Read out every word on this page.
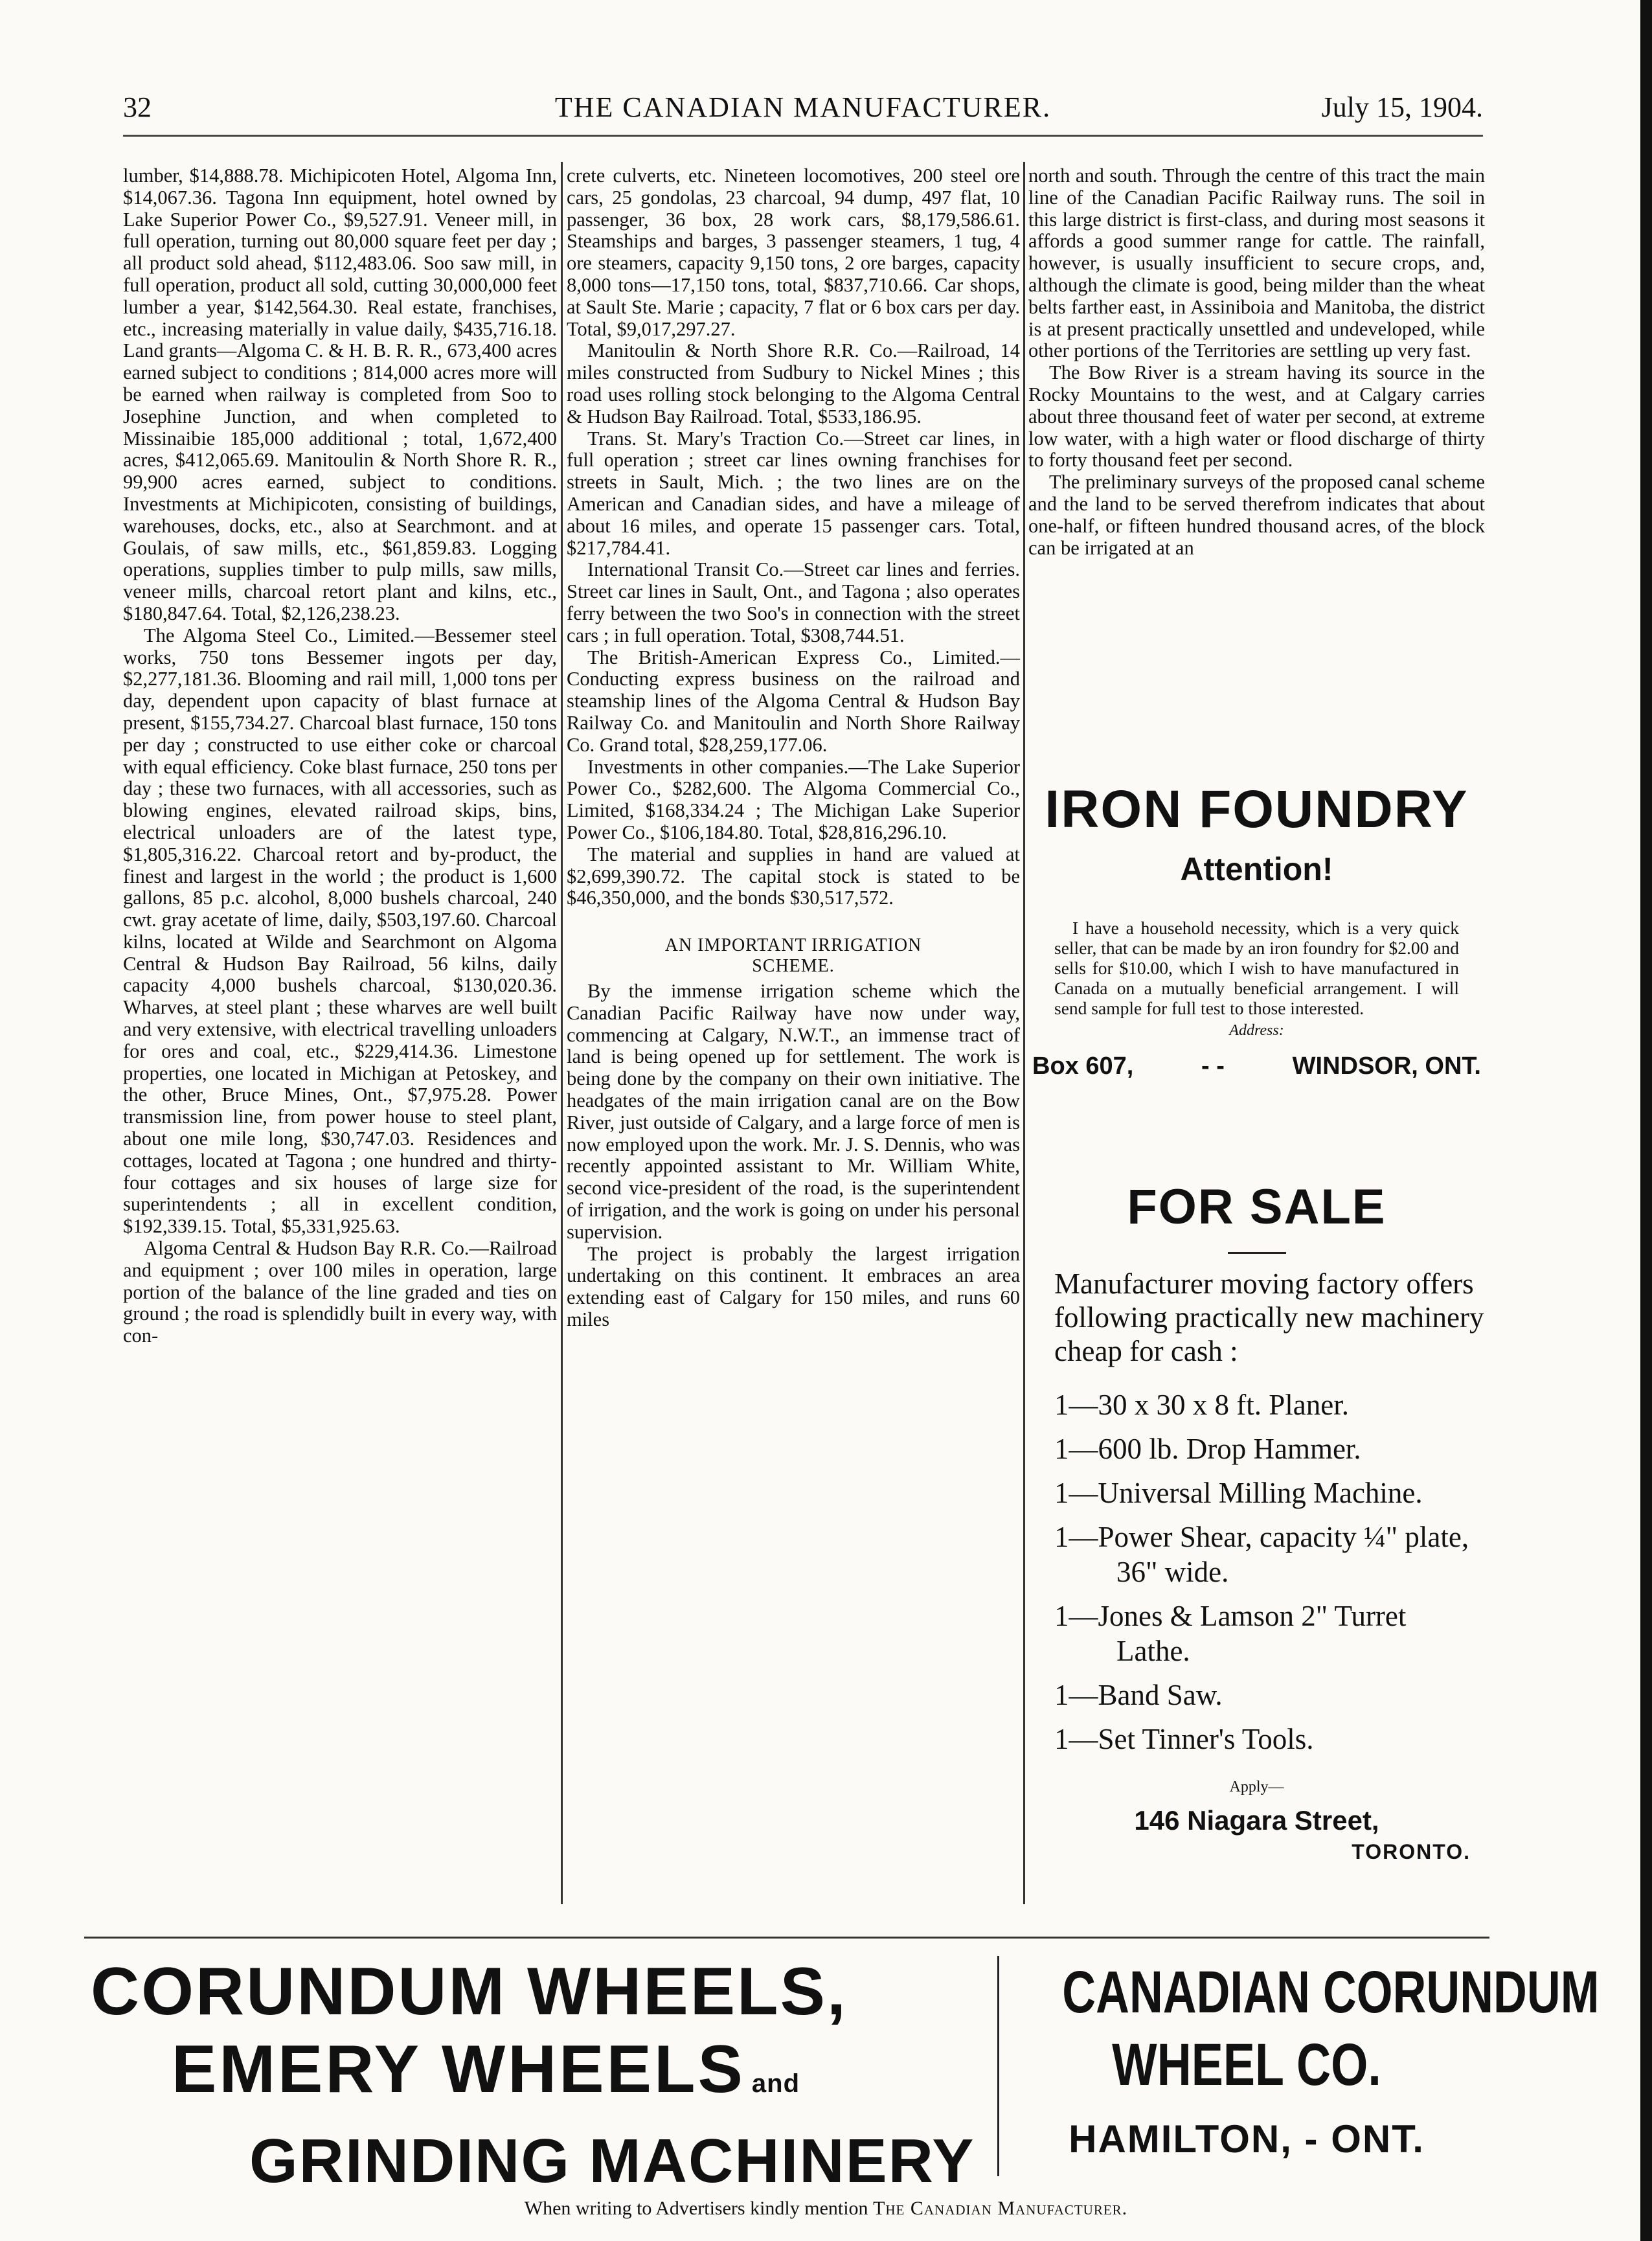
32	THE CANADIAN MANUFACTURER.	July 15, 1904.

lumber, $14,888.78. Michipicoten Hotel, Algoma Inn, $14,067.36. Tagona Inn equipment, hotel owned by Lake Superior Power Co., $9,527.91. Veneer mill, in full operation, turning out 80,000 square feet per day ; all product sold ahead, $112,483.06. Soo saw mill, in full operation, product all sold, cutting 30,000,000 feet lumber a year, $142,564.30. Real estate, franchises, etc., increasing materially in value daily, $435,716.18. Land grants—Algoma C. & H. B. R. R., 673,400 acres earned subject to conditions ; 814,000 acres more will be earned when railway is completed from Soo to Josephine Junction, and when completed to Missinaibie 185,000 additional ; total, 1,672,400 acres, $412,065.69. Manitoulin & North Shore R. R., 99,900 acres earned, subject to conditions. Investments at Michipicoten, consisting of buildings, warehouses, docks, etc., also at Searchmont. and at Goulais, of saw mills, etc., $61,859.83. Logging operations, supplies timber to pulp mills, saw mills, veneer mills, charcoal retort plant and kilns, etc., $180,847.64. Total, $2,126,238.23.

The Algoma Steel Co., Limited.—Bessemer steel works, 750 tons Bessemer ingots per day, $2,277,181.36. Blooming and rail mill, 1,000 tons per day, dependent upon capacity of blast furnace at present, $155,734.27. Charcoal blast furnace, 150 tons per day ; constructed to use either coke or charcoal with equal efficiency. Coke blast furnace, 250 tons per day ; these two furnaces, with all accessories, such as blowing engines, elevated railroad skips, bins, electrical unloaders are of the latest type, $1,805,316.22. Charcoal retort and by-product, the finest and largest in the world ; the product is 1,600 gallons, 85 p.c. alcohol, 8,000 bushels charcoal, 240 cwt. gray acetate of lime, daily, $503,197.60. Charcoal kilns, located at Wilde and Searchmont on Algoma Central & Hudson Bay Railroad, 56 kilns, daily capacity 4,000 bushels charcoal, $130,020.36. Wharves, at steel plant ; these wharves are well built and very extensive, with electrical travelling unloaders for ores and coal, etc., $229,414.36. Limestone properties, one located in Michigan at Petoskey, and the other, Bruce Mines, Ont., $7,975.28. Power transmission line, from power house to steel plant, about one mile long, $30,747.03. Residences and cottages, located at Tagona ; one hundred and thirty-four cottages and six houses of large size for superintendents ; all in excellent condition, $192,339.15. Total, $5,331,925.63.

Algoma Central & Hudson Bay R.R. Co.—Railroad and equipment ; over 100 miles in operation, large portion of the balance of the line graded and ties on ground ; the road is splendidly built in every way, with con-

crete culverts, etc. Nineteen locomotives, 200 steel ore cars, 25 gondolas, 23 charcoal, 94 dump, 497 flat, 10 passenger, 36 box, 28 work cars, $8,179,586.61. Steamships and barges, 3 passenger steamers, 1 tug, 4 ore steamers, capacity 9,150 tons, 2 ore barges, capacity 8,000 tons—17,150 tons, total, $837,710.66. Car shops, at Sault Ste. Marie ; capacity, 7 flat or 6 box cars per day. Total, $9,017,297.27.

Manitoulin & North Shore R.R. Co.—Railroad, 14 miles constructed from Sudbury to Nickel Mines ; this road uses rolling stock belonging to the Algoma Central & Hudson Bay Railroad. Total, $533,186.95.

Trans. St. Mary's Traction Co.—Street car lines, in full operation ; street car lines owning franchises for streets in Sault, Mich. ; the two lines are on the American and Canadian sides, and have a mileage of about 16 miles, and operate 15 passenger cars. Total, $217,784.41.

International Transit Co.—Street car lines and ferries. Street car lines in Sault, Ont., and Tagona ; also operates ferry between the two Soo's in connection with the street cars ; in full operation. Total, $308,744.51.

The British-American Express Co., Limited.—Conducting express business on the railroad and steamship lines of the Algoma Central & Hudson Bay Railway Co. and Manitoulin and North Shore Railway Co. Grand total, $28,259,177.06.

Investments in other companies.—The Lake Superior Power Co., $282,600. The Algoma Commercial Co., Limited, $168,334.24 ; The Michigan Lake Superior Power Co., $106,184.80. Total, $28,816,296.10.

The material and supplies in hand are valued at $2,699,390.72. The capital stock is stated to be $46,350,000, and the bonds $30,517,572.

AN IMPORTANT IRRIGATION
SCHEME.

By the immense irrigation scheme which the Canadian Pacific Railway have now under way, commencing at Calgary, N.W.T., an immense tract of land is being opened up for settlement. The work is being done by the company on their own initiative. The headgates of the main irrigation canal are on the Bow River, just outside of Calgary, and a large force of men is now employed upon the work. Mr. J. S. Dennis, who was recently appointed assistant to Mr. William White, second vice-president of the road, is the superintendent of irrigation, and the work is going on under his personal supervision.

The project is probably the largest irrigation undertaking on this continent. It embraces an area extending east of Calgary for 150 miles, and runs 60 miles

north and south. Through the centre of this tract the main line of the Canadian Pacific Railway runs. The soil in this large district is first-class, and during most seasons it affords a good summer range for cattle. The rainfall, however, is usually insufficient to secure crops, and, although the climate is good, being milder than the wheat belts farther east, in Assiniboia and Manitoba, the district is at present practically unsettled and undeveloped, while other portions of the Territories are settling up very fast.

The Bow River is a stream having its source in the Rocky Mountains to the west, and at Calgary carries about three thousand feet of water per second, at extreme low water, with a high water or flood discharge of thirty to forty thousand feet per second.

The preliminary surveys of the proposed canal scheme and the land to be served therefrom indicates that about one-half, or fifteen hundred thousand acres, of the block can be irrigated at an

IRON FOUNDRY
Attention!
I have a household necessity, which is a very quick seller, that can be made by an iron foundry for $2.00 and sells for $10.00, which I wish to have manufactured in Canada on a mutually beneficial arrangement. I will send sample for full test to those interested.
Address:
Box 607,	- -	WINDSOR, ONT.
FOR SALE
Manufacturer moving factory offers following practically new machinery cheap for cash :
1—30 x 30 x 8 ft. Planer.
1—600 lb. Drop Hammer.
1—Universal Milling Machine.
1—Power Shear, capacity ¼" plate, 36" wide.
1—Jones & Lamson 2" Turret Lathe.
1—Band Saw.
1—Set Tinner's Tools.
Apply—
146 Niagara Street,
TORONTO.
CORUNDUM WHEELS,
EMERY WHEELS and
GRINDING MACHINERY
CANADIAN CORUNDUM
WHEEL CO.
HAMILTON, - ONT.
When writing to Advertisers kindly mention The Canadian Manufacturer.
